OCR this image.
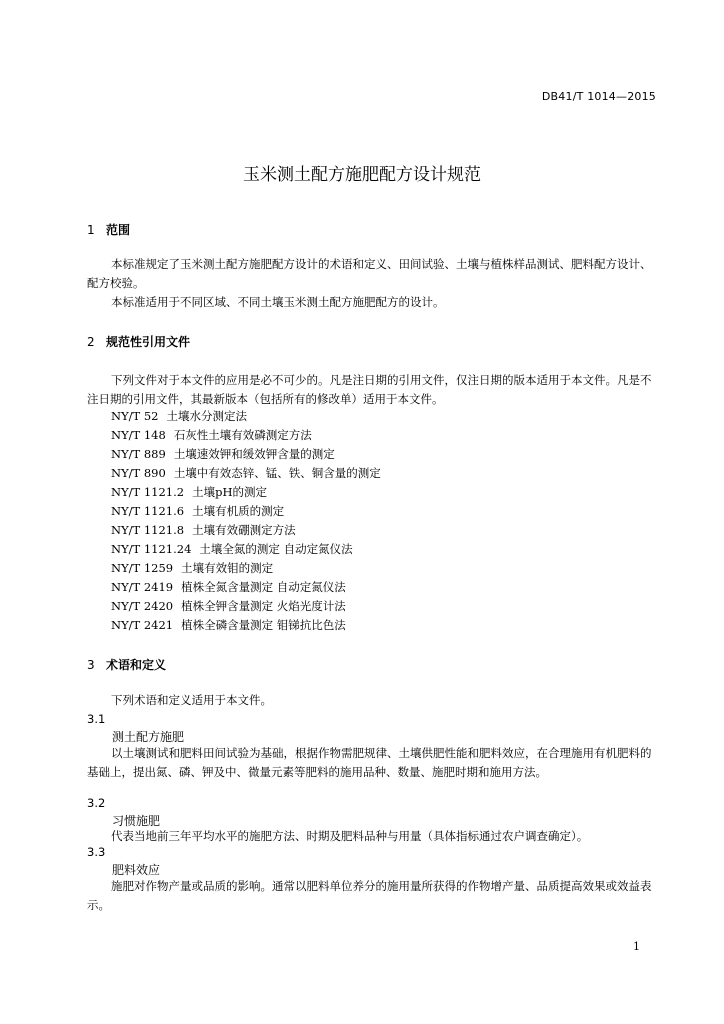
DB41/T 1014—2015
玉米测土配方施肥配方设计规范
1 范围
本标准规定了玉米测土配方施肥配方设计的术语和定义、田间试验、土壤与植株样品测试、肥料配方设计、配方校验。
本标准适用于不同区域、不同土壤玉米测土配方施肥配方的设计。
2 规范性引用文件
下列文件对于本文件的应用是必不可少的。凡是注日期的引用文件，仅注日期的版本适用于本文件。凡是不注日期的引用文件，其最新版本（包括所有的修改单）适用于本文件。
NY/T 52 土壤水分测定法
NY/T 148 石灰性土壤有效磷测定方法
NY/T 889 土壤速效钾和缓效钾含量的测定
NY/T 890 土壤中有效态锌、锰、铁、铜含量的测定
NY/T 1121.2 土壤pH的测定
NY/T 1121.6 土壤有机质的测定
NY/T 1121.8 土壤有效硼测定方法
NY/T 1121.24 土壤全氮的测定 自动定氮仪法
NY/T 1259 土壤有效钼的测定
NY/T 2419 植株全氮含量测定 自动定氮仪法
NY/T 2420 植株全钾含量测定 火焰光度计法
NY/T 2421 植株全磷含量测定 钼锑抗比色法
3 术语和定义
下列术语和定义适用于本文件。
3.1
测土配方施肥
以土壤测试和肥料田间试验为基础，根据作物需肥规律、土壤供肥性能和肥料效应，在合理施用有机肥料的基础上，提出氮、磷、钾及中、微量元素等肥料的施用品种、数量、施肥时期和施用方法。
3.2
习惯施肥
代表当地前三年平均水平的施肥方法、时期及肥料品种与用量（具体指标通过农户调查确定）。
3.3
肥料效应
施肥对作物产量或品质的影响。通常以肥料单位养分的施用量所获得的作物增产量、品质提高效果或效益表示。
1
